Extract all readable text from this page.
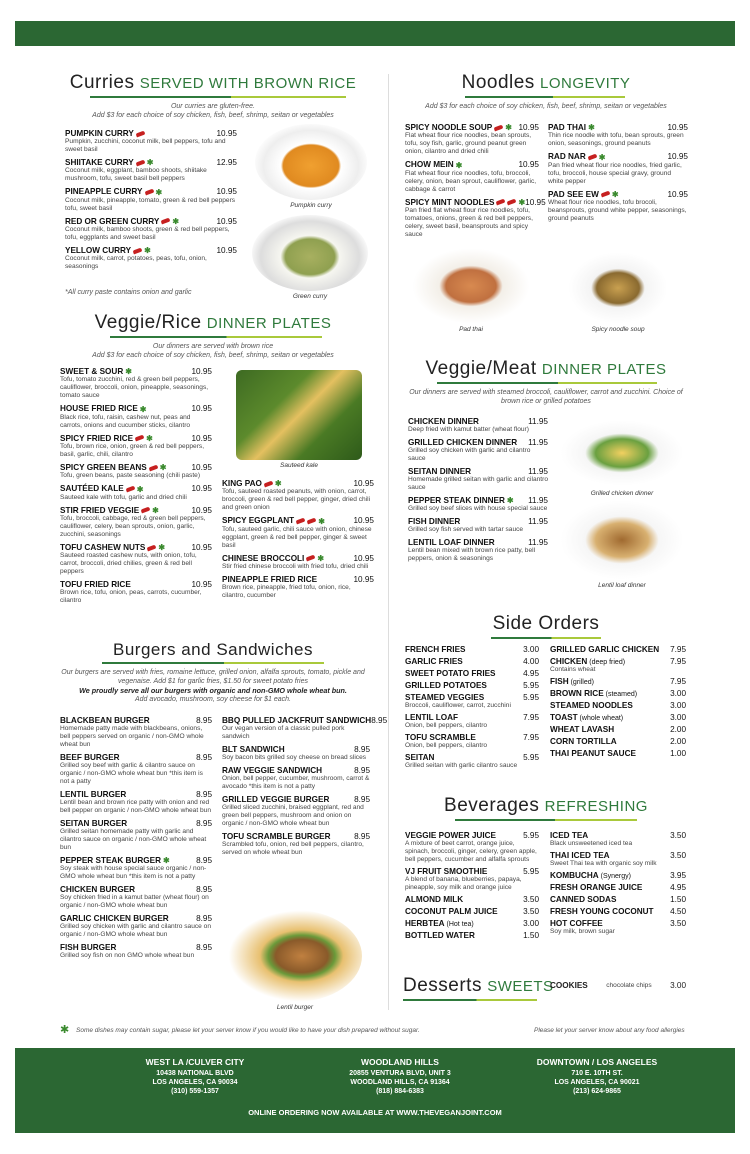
Curries SERVED WITH BROWN RICE
Our curries are gluten-free.
Add $3 for each choice of soy chicken, fish, beef, shrimp, seitan or vegetables
PUMPKIN CURRY	10.95
Pumpkin, zucchini, coconut milk, bell peppers, tofu and sweet basil
SHIITAKE CURRY ✱	12.95
Coconut milk, eggplant, bamboo shoots, shiitake mushroom, tofu, sweet basil bell peppers
PINEAPPLE CURRY ✱	10.95
Coconut milk, pineapple, tomato, green & red bell peppers tofu, sweet basil
RED OR GREEN CURRY ✱	10.95
Coconut milk, bamboo shoots, green & red bell peppers, tofu, eggplants and sweet basil
YELLOW CURRY ✱	10.95
Coconut milk, carrot, potatoes, peas, tofu, onion, seasonings
*All curry paste contains onion and garlic
Pumpkin curry
Green curry
Noodles LONGEVITY
Add $3 for each choice of soy chicken, fish, beef, shrimp, seitan or vegetables
SPICY NOODLE SOUP ✱ 10.95
Flat wheat flour rice noodles, bean sprouts, tofu, soy fish, garlic, ground peanut green onion, cilantro and dried chili
CHOW MEIN ✱	10.95
Flat wheat flour rice noodles, tofu, broccoli, celery, onion, bean sprout, cauliflower, garlic, cabbage & carrot
SPICY MINT NOODLES	✱ 10.95
Pan fried flat wheat flour rice noodles, tofu, tomatoes, onions, green & red bell peppers, celery, sweet basil, beansprouts and spicy sauce
PAD THAI ✱	10.95
Thin rice noodle with tofu, bean sprouts, green onion, seasonings, ground peanuts
RAD NAR ✱	10.95
Pan fried wheat flour rice noodles, fried garlic, tofu, broccoli, house special gravy, ground white pepper
PAD SEE EW ✱	10.95
Wheat flour rice noodles, tofu brocoli, beansprouts, ground white pepper, seasonings, ground peanuts
Pad thai	Spicy noodle soup
Veggie/Rice DINNER PLATES
Our dinners are served with brown rice
Add $3 for each choice of soy chicken, fish, beef, shrimp, seitan or vegetables
SWEET & SOUR ✱	10.95
Tofu, tomato zucchini, red & green bell peppers, cauliflower, broccoli, onion, pineapple, seasonings, tomato sauce
HOUSE FRIED RICE ✱	10.95
Black rice, tofu, raisin, cashew nut, peas and carrots, onions and cucumber sticks, cilantro
SPICY FRIED RICE ✱	10.95
Tofu, brown rice, onion, green & red bell peppers, basil, garlic, chili, cilantro
SPICY GREEN BEANS ✱	10.95
Tofu, green beans, paste seasoning (chili paste)
SAUTÉED KALE ✱	10.95
Sauteed kale with tofu, garlic and dried chili
STIR FRIED VEGGIE ✱	10.95
Tofu, broccoli, cabbage, red & green bell peppers, cauliflower, celery, bean sprouts, onion, garlic, zucchini, seasonings
TOFU CASHEW NUTS ✱	10.95
Sauteed roasted cashew nuts, with onion, tofu, carrot, broccoli, dried chilies, green & red bell peppers
TOFU FRIED RICE	10.95
Brown rice, tofu, onion, peas, carrots, cucumber, cilantro
KING PAO ✱	10.95
Tofu, sauteed roasted peanuts, with onion, carrot, broccoli, green & red bell pepper, ginger, dried chili and green onion
SPICY EGGPLANT	✱	10.95
Tofu, sauteed garlic, chili sauce with onion, chinese eggplant, green & red bell pepper, ginger & sweet basil
CHINESE BROCCOLI ✱	10.95
Stir fried chinese broccoli with fried tofu, dried chili
PINEAPPLE FRIED RICE	10.95
Brown rice, pineapple, fried tofu, onion, rice, cilantro, cucumber
Sauteed kale
Veggie/Meat DINNER PLATES
Our dinners are served with steamed broccoli, cauliflower, carrot and zucchini. Choice of brown rice or grilled potatoes
CHICKEN DINNER	11.95
Deep fried with kamut batter (wheat flour)
GRILLED CHICKEN DINNER 11.95
Grilled soy chicken with garlic and cilantro sauce
SEITAN DINNER	11.95
Homemade grilled seitan with garlic and cilantro sauce
PEPPER STEAK DINNER ✱ 11.95
Grilled soy beef slices with house special sauce
FISH DINNER	11.95
Grilled soy fish served with tartar sauce
LENTIL LOAF DINNER	11.95
Lentil bean mixed with brown rice patty, bell peppers, onion & seasonings
Grilled chicken dinner
Lentil loaf dinner
Burgers and Sandwiches
Our burgers are served with fries, romaine lettuce, grilled onion, alfalfa sprouts, tomato, pickle and vegenaise. Add $1 for garlic fries, $1.50 for sweet potato fries
We proudly serve all our burgers with organic and non-GMO whole wheat bun.
Add avocado, mushroom, soy cheese for $1 each.
BLACKBEAN BURGER	8.95
Homemade patty made with blackbeans, onions, bell peppers served on organic / non-GMO whole wheat bun
BEEF BURGER	8.95
Grilled soy beef with garlic & cilantro sauce on organic / non-GMO whole wheat bun *this item is not a patty
LENTIL BURGER	8.95
Lentil bean and brown rice patty with onion and red bell pepper on organic / non-GMO whole wheat bun
SEITAN BURGER	8.95
Grilled seitan homemade patty with garlic and cilantro sauce on organic / non-GMO whole wheat bun
PEPPER STEAK BURGER ✱	8.95
Soy steak with house special sauce organic / non-GMO whole wheat bun *this item is not a patty
CHICKEN BURGER	8.95
Soy chicken fried in a kamut batter (wheat flour) on organic / non-GMO whole wheat bun
GARLIC CHICKEN BURGER	8.95
Grilled soy chicken with garlic and cilantro sauce on organic / non-GMO whole wheat bun
FISH BURGER	8.95
Grilled soy fish on non GMO whole wheat bun
BBQ PULLED JACKFRUIT SANDWICH 8.95
Our vegan version of a classic pulled pork sandwich
BLT SANDWICH	8.95
Soy bacon bits grilled soy cheese on bread slices
RAW VEGGIE SANDWICH	8.95
Onion, bell pepper, cucumber, mushroom, carrot & avocado *this item is not a patty
GRILLED VEGGIE BURGER	8.95
Grilled sliced zucchini, braised eggplant, red and green bell peppers, mushroom and onion on organic / non-GMO whole wheat bun
TOFU SCRAMBLE BURGER	8.95
Scrambled tofu, onion, red bell peppers, cilantro, served on whole wheat bun
Lentil burger
Side Orders
FRENCH FRIES	3.00
GARLIC FRIES	4.00
SWEET POTATO FRIES	4.95
GRILLED POTATOES	5.95
STEAMED VEGGIES	5.95
Broccoli, cauliflower, carrot, zucchini
LENTIL LOAF	7.95
Onion, bell peppers, cilantro
TOFU SCRAMBLE	7.95
Onion, bell peppers, cilantro
SEITAN	5.95
Grilled seitan with garlic cilantro sauce
GRILLED GARLIC CHICKEN 7.95
CHICKEN (deep fried)	7.95
Contains wheat
FISH (grilled)	7.95
BROWN RICE (steamed)	3.00
STEAMED NOODLES	3.00
TOAST (whole wheat)	3.00
WHEAT LAVASH	2.00
CORN TORTILLA	2.00
THAI PEANUT SAUCE	1.00
Beverages REFRESHING
VEGGIE POWER JUICE	5.95
A mixture of beet carrot, orange juice, spinach, broccoli, ginger, celery, green apple, bell peppers, cucumber and alfalfa sprouts
VJ FRUIT SMOOTHIE	5.95
A blend of banana, blueberries, papaya, pineapple, soy milk and orange juice
ALMOND MILK	3.50
COCONUT PALM JUICE	3.50
HERBTEA (Hot tea)	3.00
BOTTLED WATER	1.50
ICED TEA	3.50
Black unsweetened iced tea
THAI ICED TEA	3.50
Sweet Thai tea with organic soy milk
KOMBUCHA (Synergy)	3.95
FRESH ORANGE JUICE	4.95
CANNED SODAS	1.50
FRESH YOUNG COCONUT 4.50
HOT COFFEE	3.50
Soy milk, brown sugar
Desserts SWEETS
COOKIES	chocolate chips 3.00
✱ Some dishes may contain sugar, please let your server know if you would like to have your dish prepared without sugar.	Please let your server know about any food allergies
WEST LA /CULVER CITY
10438 NATIONAL BLVD
LOS ANGELES, CA 90034
(310) 559-1357
WOODLAND HILLS
20855 VENTURA BLVD, UNIT 3
WOODLAND HILLS, CA 91364
(818) 884-6383
DOWNTOWN / LOS ANGELES
710 E. 10TH ST.
LOS ANGELES, CA 90021
(213) 624-9865
ONLINE ORDERING NOW AVAILABLE AT WWW.THEVEGANJOINT.COM
